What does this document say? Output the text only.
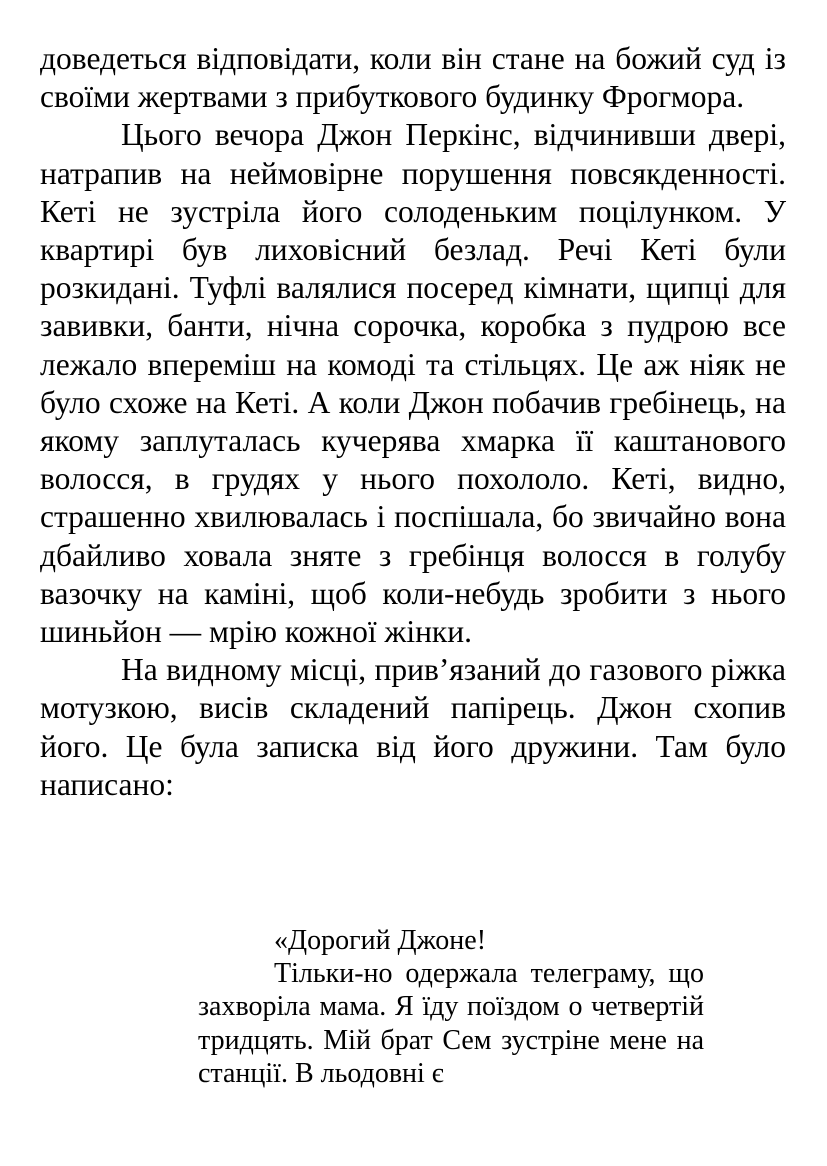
доведеться відповідати, коли він стане на божий суд із своїми жертвами з прибуткового будинку Фрогмора.

Цього вечора Джон Перкінс, відчинивши двері, натрапив на неймовірне порушення повсякденності. Кеті не зустріла його солоденьким поцілунком. У квартирі був лиховісний безлад. Речі Кеті були розкидані. Туфлі валялися посеред кімнати, щипці для завивки, банти, нічна сорочка, коробка з пудрою все лежало впереміш на комоді та стільцях. Це аж ніяк не було схоже на Кеті. А коли Джон побачив гребінець, на якому заплуталась кучерява хмарка її каштанового волосся, в грудях у нього похололо. Кеті, видно, страшенно хвилювалась і поспішала, бо звичайно вона дбайливо ховала зняте з гребінця волосся в голубу вазочку на каміні, щоб коли-небудь зробити з нього шиньйон — мрію кожної жінки.

На видному місці, прив’язаний до газового ріжка мотузкою, висів складений папірець. Джон схопив його. Це була записка від його дружини. Там було написано:

«Дорогий Джоне!

Тільки-но одержала телеграму, що захворіла мама. Я їду поїздом о четвертій тридцять. Мій брат Сем зустріне мене на станції. В льодовні є
